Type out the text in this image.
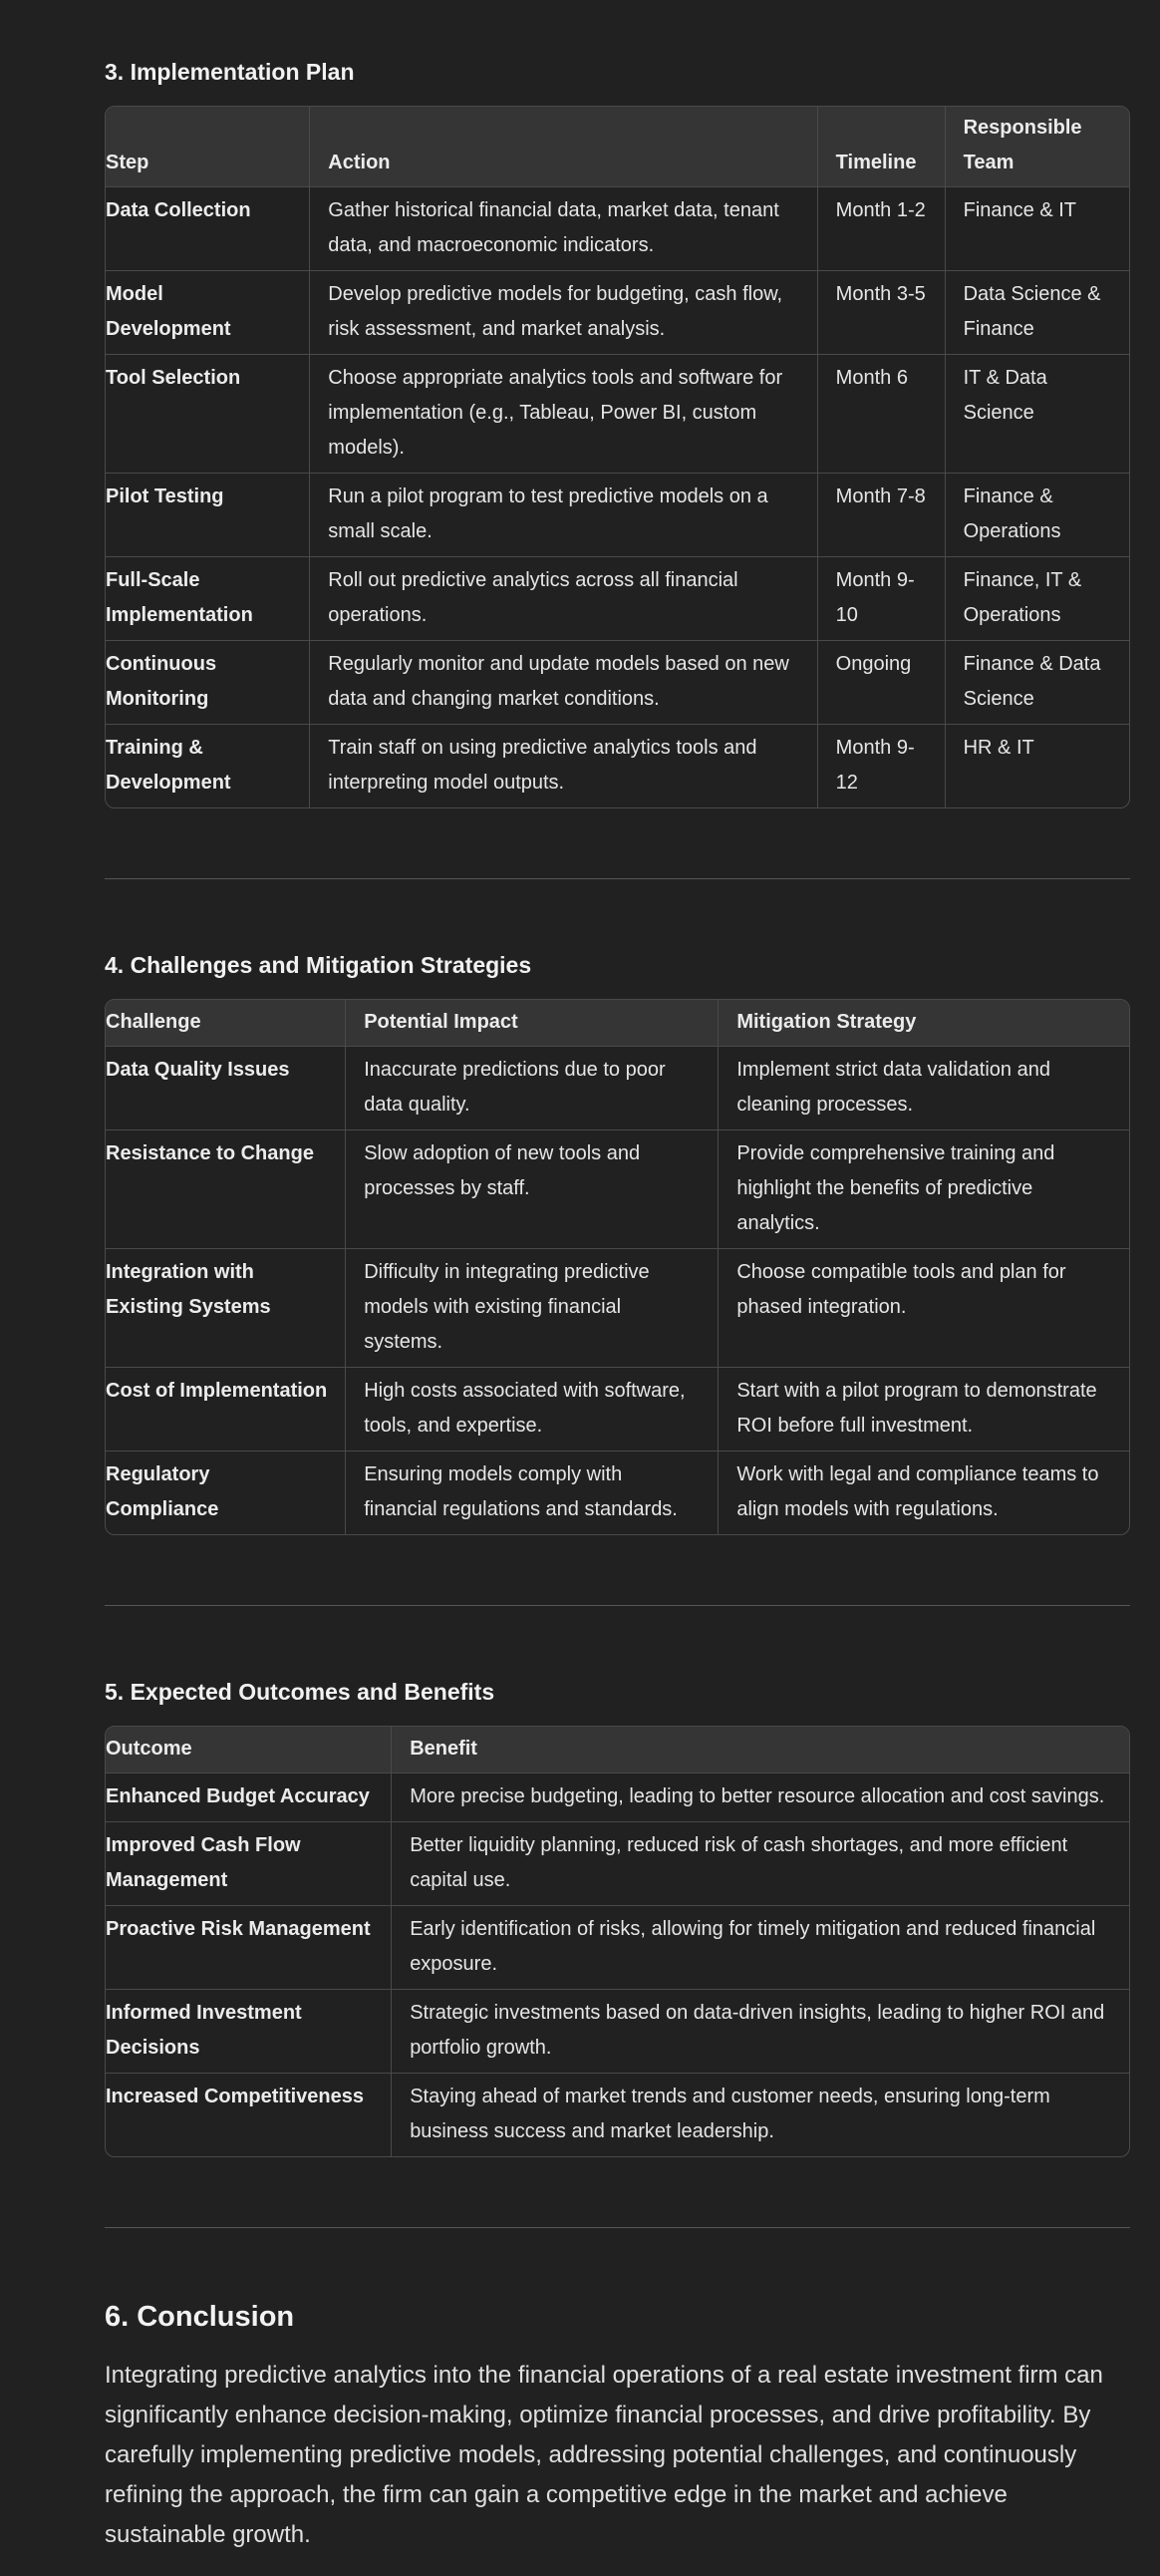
3. Implementation Plan
Step	Action	Timeline	Responsible Team
Data Collection	Gather historical financial data, market data, tenant data, and macroeconomic indicators.	Month 1-2	Finance & IT
Model Development	Develop predictive models for budgeting, cash flow, risk assessment, and market analysis.	Month 3-5	Data Science & Finance
Tool Selection	Choose appropriate analytics tools and software for implementation (e.g., Tableau, Power BI, custom models).	Month 6	IT & Data Science
Pilot Testing	Run a pilot program to test predictive models on a small scale.	Month 7-8	Finance & Operations
Full-Scale Implementation	Roll out predictive analytics across all financial operations.	Month 9-10	Finance, IT & Operations
Continuous Monitoring	Regularly monitor and update models based on new data and changing market conditions.	Ongoing	Finance & Data Science
Training & Development	Train staff on using predictive analytics tools and interpreting model outputs.	Month 9-12	HR & IT
4. Challenges and Mitigation Strategies
Challenge	Potential Impact	Mitigation Strategy
Data Quality Issues	Inaccurate predictions due to poor data quality.	Implement strict data validation and cleaning processes.
Resistance to Change	Slow adoption of new tools and processes by staff.	Provide comprehensive training and highlight the benefits of predictive analytics.
Integration with Existing Systems	Difficulty in integrating predictive models with existing financial systems.	Choose compatible tools and plan for phased integration.
Cost of Implementation	High costs associated with software, tools, and expertise.	Start with a pilot program to demonstrate ROI before full investment.
Regulatory Compliance	Ensuring models comply with financial regulations and standards.	Work with legal and compliance teams to align models with regulations.
5. Expected Outcomes and Benefits
Outcome	Benefit
Enhanced Budget Accuracy	More precise budgeting, leading to better resource allocation and cost savings.
Improved Cash Flow Management	Better liquidity planning, reduced risk of cash shortages, and more efficient capital use.
Proactive Risk Management	Early identification of risks, allowing for timely mitigation and reduced financial exposure.
Informed Investment Decisions	Strategic investments based on data-driven insights, leading to higher ROI and portfolio growth.
Increased Competitiveness	Staying ahead of market trends and customer needs, ensuring long-term business success and market leadership.
6. Conclusion

Integrating predictive analytics into the financial operations of a real estate investment firm can significantly enhance decision-making, optimize financial processes, and drive profitability. By carefully implementing predictive models, addressing potential challenges, and continuously refining the approach, the firm can gain a competitive edge in the market and achieve sustainable growth.
